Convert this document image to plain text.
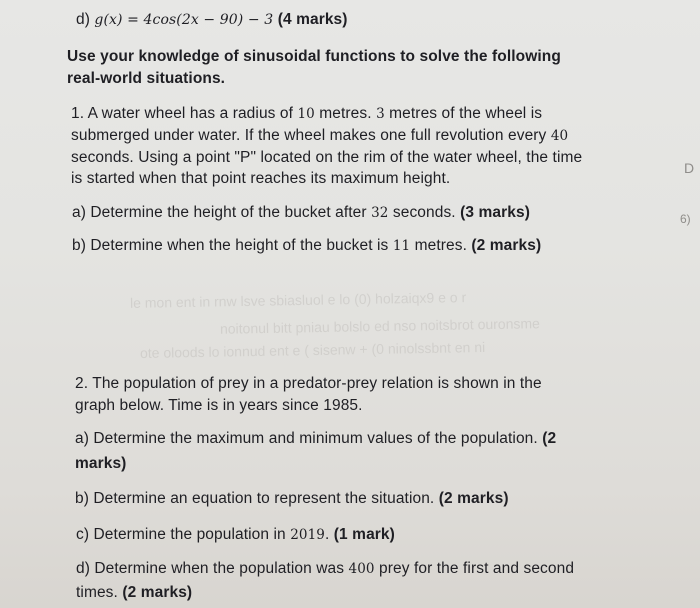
d) g(x) = 4cos(2x − 90) − 3 (4 marks)
Use your knowledge of sinusoidal functions to solve the following
real-world situations.
1. A water wheel has a radius of 10 metres. 3 metres of the wheel is
submerged under water. If the wheel makes one full revolution every 40
seconds. Using a point "P" located on the rim of the water wheel, the time
is started when that point reaches its maximum height.
a) Determine the height of the bucket after 32 seconds. (3 marks)
b) Determine when the height of the bucket is 11 metres. (2 marks)
le mon ent in rnw lsve sbiasluol e lo (0) holzaiqx9 e o r
noitonul bitt pniau bolslo ed nso noitsbrot ouronsme
ote oloods lo ionnud ent e ( sisenw + (0 ninolssbnt en ni
2. The population of prey in a predator-prey relation is shown in the
graph below. Time is in years since 1985.
a) Determine the maximum and minimum values of the population. (2
marks)
b) Determine an equation to represent the situation. (2 marks)
c) Determine the population in 2019. (1 mark)
d) Determine when the population was 400 prey for the first and second
times. (2 marks)
D
6)
